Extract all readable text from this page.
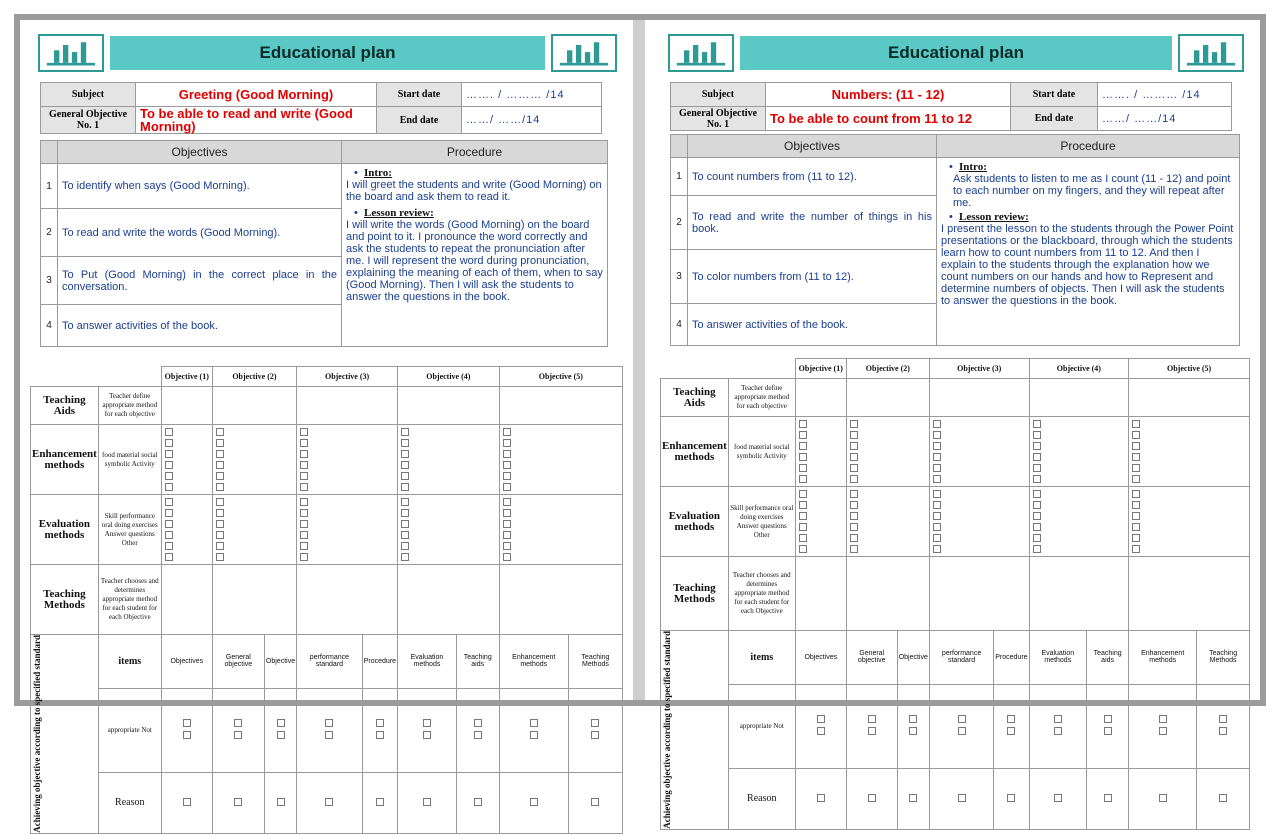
Educational plan
Subject	Greeting (Good Morning)	Start date	……. / ……… /14
General Objective No. 1	To be able to read and write (Good Morning)	End date	……/ ……/14
	Objectives	Procedure
1	To identify when says (Good Morning).	• Intro:
I will greet the students and write (Good Morning) on the board and ask them to read it.
• Lesson review:
I will write the words (Good Morning) on the board and point to it. I pronounce the word correctly and ask the students to repeat the pronunciation after me. I will represent the word during pronunciation, explaining the meaning of each of them, when to say (Good Morning). Then I will ask the students to answer the questions in the book.

2	To read and write the words (Good Morning).	
3	To Put (Good Morning) in the correct place in the conversation.	
4	To answer activities of the book.	
		Objective (1)	Objective (2)		Objective (3)		Objective (4)		Objective (5)	
Teaching Aids	Teacher define appropriate method for each objective									
Enhancement methods	food material social symbolic Activity					

Evaluation methods	Skill performance oral doing exercises Answer questions Other					

Teaching Methods	Teacher chooses and determines appropriate method for each student for each Objective									

Achieving objective according to specified standard	items	Objectives	General objective	Objective	performance standard	Procedure	Evaluation methods	Teaching aids	Enhancement methods	Teaching Methods
	appropriate Not	

	Reason									
Educational plan
Subject	Numbers: (11 - 12)	Start date	……. / ……… /14
General Objective No. 1	To be able to count from 11 to 12	End date	……/ ……/14
	Objectives	Procedure
1	To count numbers from (11 to 12).	• Intro:
Ask students to listen to me as I count (11 - 12) and point to each number on my fingers, and they will repeat after me.
• Lesson review:
I present the lesson to the students through the Power Point presentations or the blackboard, through which the students learn how to count numbers from 11 to 12. And then I explain to the students through the explanation how we count numbers on our hands and how to Represent and determine numbers of objects. Then I will ask the students to answer the questions in the book.

2	To read and write the number of things in his book.	
3	To color numbers from (11 to 12).	
4	To answer activities of the book.	
		Objective (1)	Objective (2)		Objective (3)		Objective (4)		Objective (5)	
Teaching Aids	Teacher define appropriate method for each objective									
Enhancement methods	food material social symbolic Activity					

Evaluation methods	Skill performance oral doing exercises Answer questions Other					

Teaching Methods	Teacher chooses and determines appropriate method for each student for each Objective									

Achieving objective according to specified standard	items	Objectives	General objective	Objective	performance standard	Procedure	Evaluation methods	Teaching aids	Enhancement methods	Teaching Methods
	appropriate Not	

	Reason									
